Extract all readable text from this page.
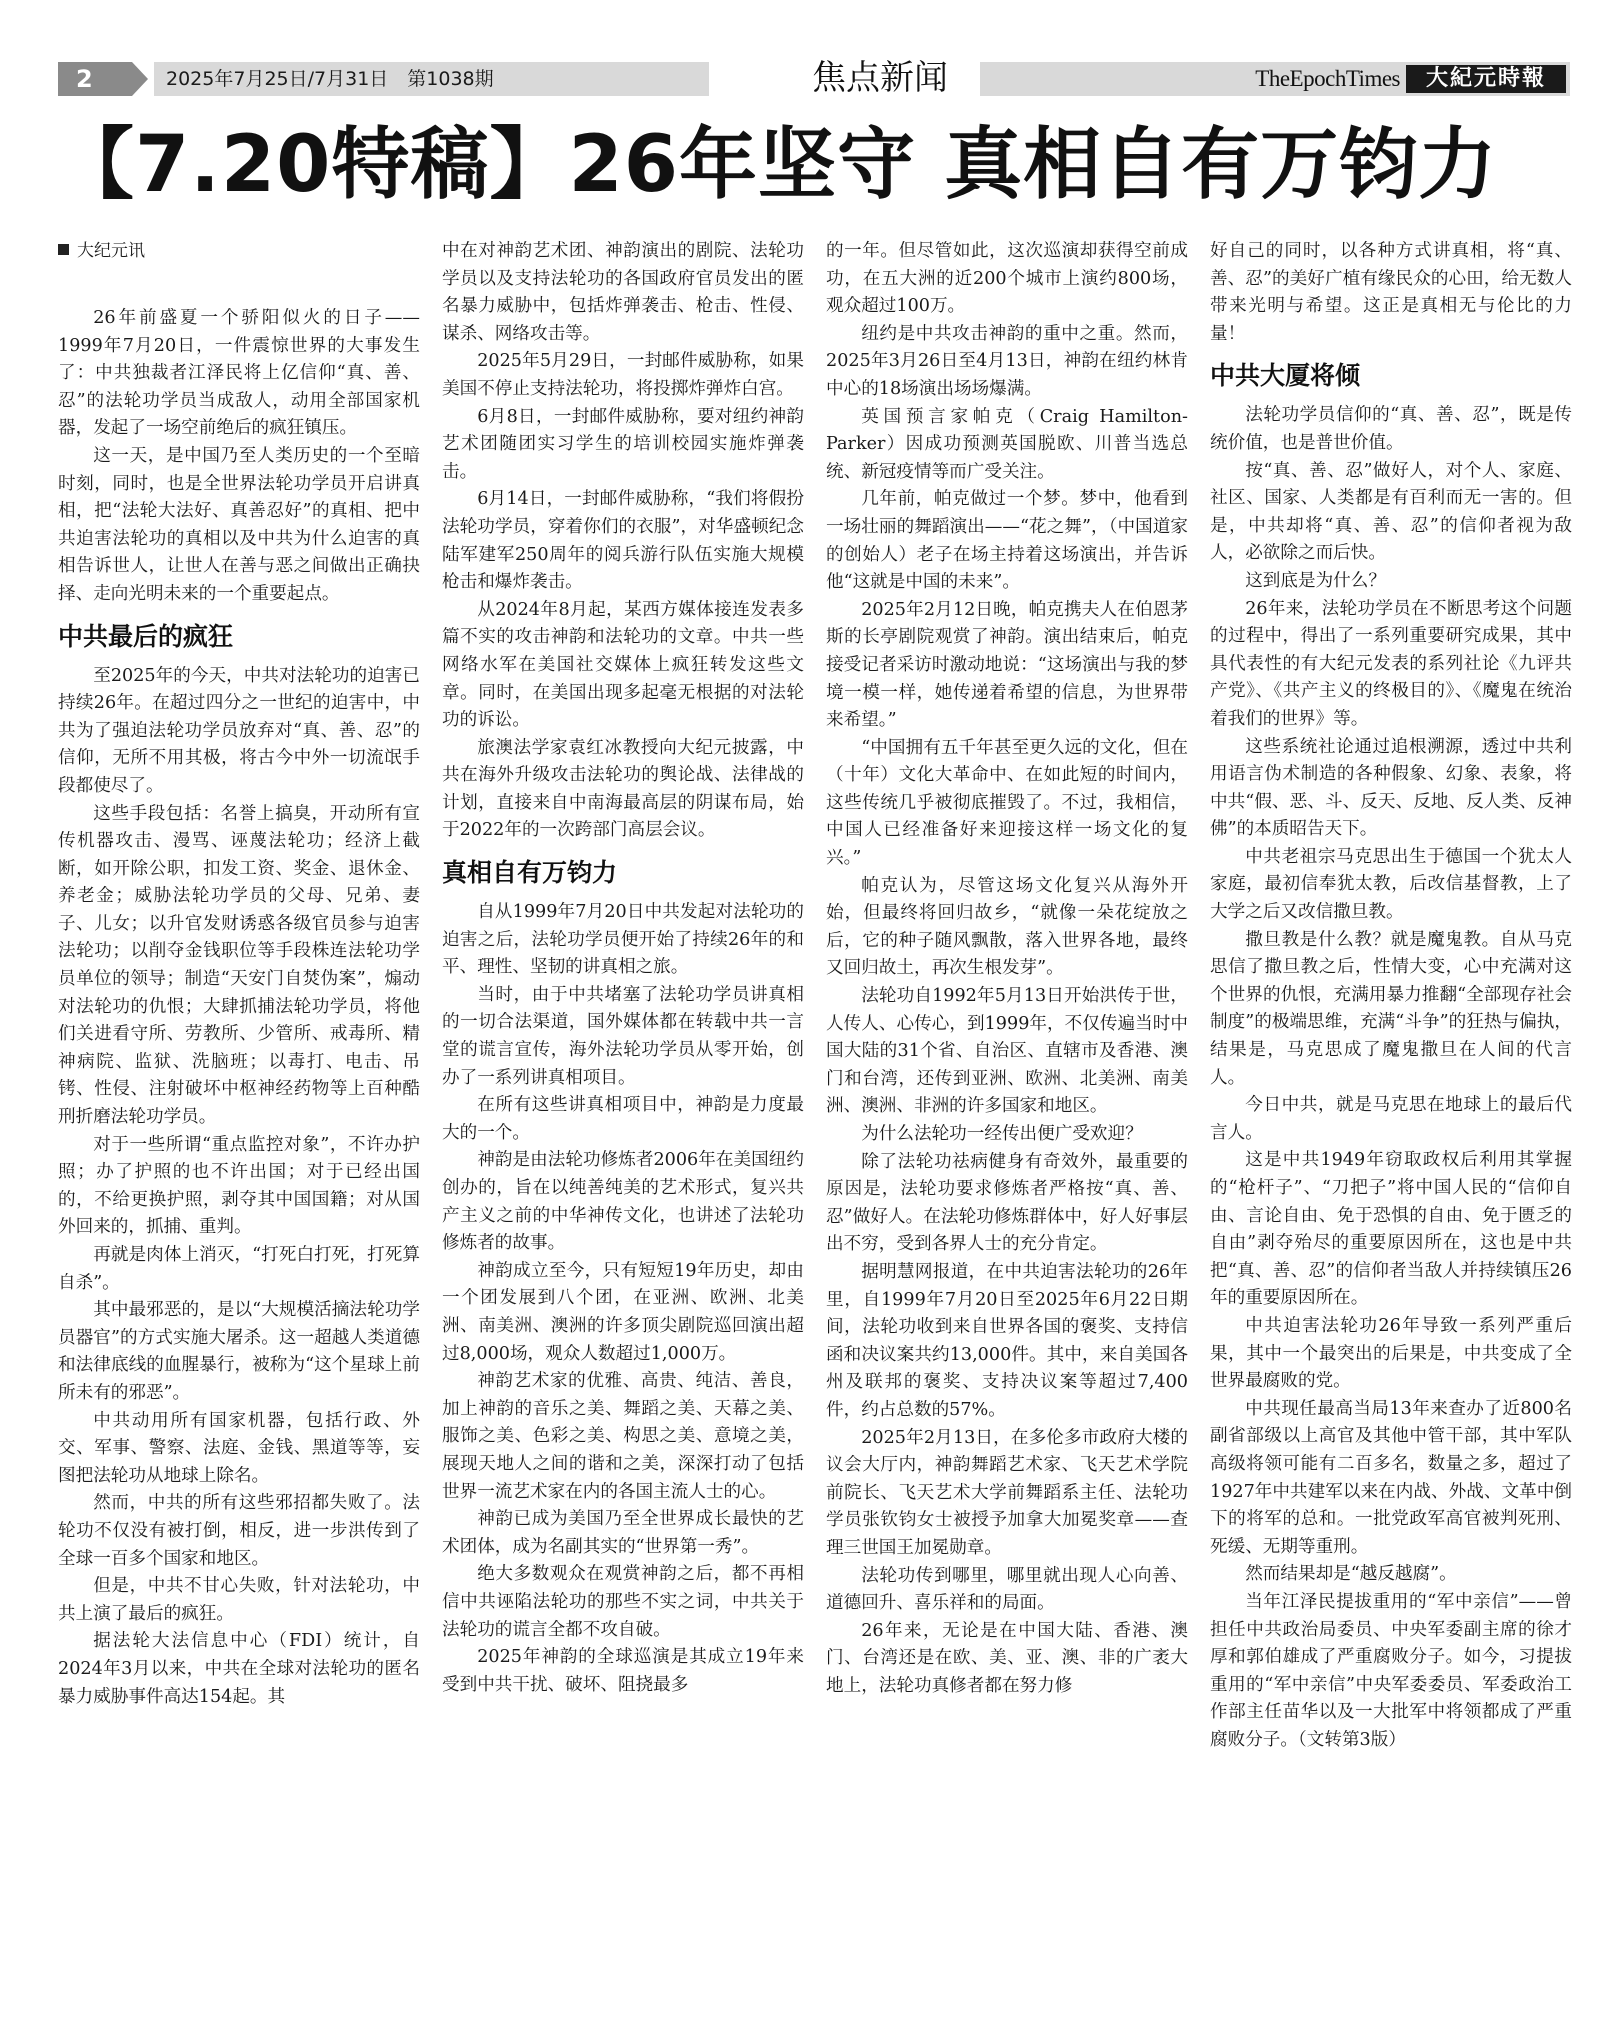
2	2025年7月25日/7月31日　第1038期	焦点新闻	TheEpochTimes	大紀元時報
【7.20特稿】26年坚守 真相自有万钧力
大纪元讯

26年前盛夏一个骄阳似火的日子——1999年7月20日，一件震惊世界的大事发生了：中共独裁者江泽民将上亿信仰“真、善、忍”的法轮功学员当成敌人，动用全部国家机器，发起了一场空前绝后的疯狂镇压。

这一天，是中国乃至人类历史的一个至暗时刻，同时，也是全世界法轮功学员开启讲真相，把“法轮大法好、真善忍好”的真相、把中共迫害法轮功的真相以及中共为什么迫害的真相告诉世人，让世人在善与恶之间做出正确抉择、走向光明未来的一个重要起点。

中共最后的疯狂

至2025年的今天，中共对法轮功的迫害已持续26年。在超过四分之一世纪的迫害中，中共为了强迫法轮功学员放弃对“真、善、忍”的信仰，无所不用其极，将古今中外一切流氓手段都使尽了。

这些手段包括：名誉上搞臭，开动所有宣传机器攻击、漫骂、诬蔑法轮功；经济上截断，如开除公职，扣发工资、奖金、退休金、养老金；威胁法轮功学员的父母、兄弟、妻子、儿女；以升官发财诱惑各级官员参与迫害法轮功；以削夺金钱职位等手段株连法轮功学员单位的领导；制造“天安门自焚伪案”，煽动对法轮功的仇恨；大肆抓捕法轮功学员，将他们关进看守所、劳教所、少管所、戒毒所、精神病院、监狱、洗脑班；以毒打、电击、吊铐、性侵、注射破坏中枢神经药物等上百种酷刑折磨法轮功学员。

对于一些所谓“重点监控对象”，不许办护照；办了护照的也不许出国；对于已经出国的，不给更换护照，剥夺其中国国籍；对从国外回来的，抓捕、重判。

再就是肉体上消灭，“打死白打死，打死算自杀”。

其中最邪恶的，是以“大规模活摘法轮功学员器官”的方式实施大屠杀。这一超越人类道德和法律底线的血腥暴行，被称为“这个星球上前所未有的邪恶”。

中共动用所有国家机器，包括行政、外交、军事、警察、法庭、金钱、黑道等等，妄图把法轮功从地球上除名。

然而，中共的所有这些邪招都失败了。法轮功不仅没有被打倒，相反，进一步洪传到了全球一百多个国家和地区。

但是，中共不甘心失败，针对法轮功，中共上演了最后的疯狂。

据法轮大法信息中心（FDI）统计，自2024年3月以来，中共在全球对法轮功的匿名暴力威胁事件高达154起。其

中在对神韵艺术团、神韵演出的剧院、法轮功学员以及支持法轮功的各国政府官员发出的匿名暴力威胁中，包括炸弹袭击、枪击、性侵、谋杀、网络攻击等。

2025年5月29日，一封邮件威胁称，如果美国不停止支持法轮功，将投掷炸弹炸白宫。

6月8日，一封邮件威胁称，要对纽约神韵艺术团随团实习学生的培训校园实施炸弹袭击。

6月14日，一封邮件威胁称，“我们将假扮法轮功学员，穿着你们的衣服”，对华盛顿纪念陆军建军250周年的阅兵游行队伍实施大规模枪击和爆炸袭击。

从2024年8月起，某西方媒体接连发表多篇不实的攻击神韵和法轮功的文章。中共一些网络水军在美国社交媒体上疯狂转发这些文章。同时，在美国出现多起毫无根据的对法轮功的诉讼。

旅澳法学家袁红冰教授向大纪元披露，中共在海外升级攻击法轮功的舆论战、法律战的计划，直接来自中南海最高层的阴谋布局，始于2022年的一次跨部门高层会议。

真相自有万钧力

自从1999年7月20日中共发起对法轮功的迫害之后，法轮功学员便开始了持续26年的和平、理性、坚韧的讲真相之旅。

当时，由于中共堵塞了法轮功学员讲真相的一切合法渠道，国外媒体都在转载中共一言堂的谎言宣传，海外法轮功学员从零开始，创办了一系列讲真相项目。

在所有这些讲真相项目中，神韵是力度最大的一个。

神韵是由法轮功修炼者2006年在美国纽约创办的，旨在以纯善纯美的艺术形式，复兴共产主义之前的中华神传文化，也讲述了法轮功修炼者的故事。

神韵成立至今，只有短短19年历史，却由一个团发展到八个团，在亚洲、欧洲、北美洲、南美洲、澳洲的许多顶尖剧院巡回演出超过8,000场，观众人数超过1,000万。

神韵艺术家的优雅、高贵、纯洁、善良，加上神韵的音乐之美、舞蹈之美、天幕之美、服饰之美、色彩之美、构思之美、意境之美，展现天地人之间的谐和之美，深深打动了包括世界一流艺术家在内的各国主流人士的心。

神韵已成为美国乃至全世界成长最快的艺术团体，成为名副其实的“世界第一秀”。

绝大多数观众在观赏神韵之后，都不再相信中共诬陷法轮功的那些不实之词，中共关于法轮功的谎言全都不攻自破。

2025年神韵的全球巡演是其成立19年来受到中共干扰、破坏、阻挠最多

的一年。但尽管如此，这次巡演却获得空前成功，在五大洲的近200个城市上演约800场，观众超过100万。

纽约是中共攻击神韵的重中之重。然而，2025年3月26日至4月13日，神韵在纽约林肯中心的18场演出场场爆满。

英国预言家帕克（Craig Hamilton-Parker）因成功预测英国脱欧、川普当选总统、新冠疫情等而广受关注。

几年前，帕克做过一个梦。梦中，他看到一场壮丽的舞蹈演出——“花之舞”，（中国道家的创始人）老子在场主持着这场演出，并告诉他“这就是中国的未来”。

2025年2月12日晚，帕克携夫人在伯恩茅斯的长亭剧院观赏了神韵。演出结束后，帕克接受记者采访时激动地说：“这场演出与我的梦境一模一样，她传递着希望的信息，为世界带来希望。”

“中国拥有五千年甚至更久远的文化，但在（十年）文化大革命中、在如此短的时间内，这些传统几乎被彻底摧毁了。不过，我相信，中国人已经准备好来迎接这样一场文化的复兴。”

帕克认为，尽管这场文化复兴从海外开始，但最终将回归故乡，“就像一朵花绽放之后，它的种子随风飘散，落入世界各地，最终又回归故土，再次生根发芽”。

法轮功自1992年5月13日开始洪传于世，人传人、心传心，到1999年，不仅传遍当时中国大陆的31个省、自治区、直辖市及香港、澳门和台湾，还传到亚洲、欧洲、北美洲、南美洲、澳洲、非洲的许多国家和地区。

为什么法轮功一经传出便广受欢迎？

除了法轮功祛病健身有奇效外，最重要的原因是，法轮功要求修炼者严格按“真、善、忍”做好人。在法轮功修炼群体中，好人好事层出不穷，受到各界人士的充分肯定。

据明慧网报道，在中共迫害法轮功的26年里，自1999年7月20日至2025年6月22日期间，法轮功收到来自世界各国的褒奖、支持信函和决议案共约13,000件。其中，来自美国各州及联邦的褒奖、支持决议案等超过7,400件，约占总数的57%。

2025年2月13日，在多伦多市政府大楼的议会大厅内，神韵舞蹈艺术家、飞天艺术学院前院长、飞天艺术大学前舞蹈系主任、法轮功学员张钦钧女士被授予加拿大加冕奖章——查理三世国王加冕勋章。

法轮功传到哪里，哪里就出现人心向善、道德回升、喜乐祥和的局面。

26年来，无论是在中国大陆、香港、澳门、台湾还是在欧、美、亚、澳、非的广袤大地上，法轮功真修者都在努力修

好自己的同时，以各种方式讲真相，将“真、善、忍”的美好广植有缘民众的心田，给无数人带来光明与希望。这正是真相无与伦比的力量！

中共大厦将倾

法轮功学员信仰的“真、善、忍”，既是传统价值，也是普世价值。

按“真、善、忍”做好人，对个人、家庭、社区、国家、人类都是有百利而无一害的。但是，中共却将“真、善、忍”的信仰者视为敌人，必欲除之而后快。

这到底是为什么？

26年来，法轮功学员在不断思考这个问题的过程中，得出了一系列重要研究成果，其中具代表性的有大纪元发表的系列社论《九评共产党》、《共产主义的终极目的》、《魔鬼在统治着我们的世界》等。

这些系统社论通过追根溯源，透过中共利用语言伪术制造的各种假象、幻象、表象，将中共“假、恶、斗、反天、反地、反人类、反神佛”的本质昭告天下。

中共老祖宗马克思出生于德国一个犹太人家庭，最初信奉犹太教，后改信基督教，上了大学之后又改信撒旦教。

撒旦教是什么教？就是魔鬼教。自从马克思信了撒旦教之后，性情大变，心中充满对这个世界的仇恨，充满用暴力推翻“全部现存社会制度”的极端思维，充满“斗争”的狂热与偏执，结果是，马克思成了魔鬼撒旦在人间的代言人。

今日中共，就是马克思在地球上的最后代言人。

这是中共1949年窃取政权后利用其掌握的“枪杆子”、“刀把子”将中国人民的“信仰自由、言论自由、免于恐惧的自由、免于匮乏的自由”剥夺殆尽的重要原因所在，这也是中共把“真、善、忍”的信仰者当敌人并持续镇压26年的重要原因所在。

中共迫害法轮功26年导致一系列严重后果，其中一个最突出的后果是，中共变成了全世界最腐败的党。

中共现任最高当局13年来查办了近800名副省部级以上高官及其他中管干部，其中军队高级将领可能有二百多名，数量之多，超过了1927年中共建军以来在内战、外战、文革中倒下的将军的总和。一批党政军高官被判死刑、死缓、无期等重刑。

然而结果却是“越反越腐”。

当年江泽民提拔重用的“军中亲信”——曾担任中共政治局委员、中央军委副主席的徐才厚和郭伯雄成了严重腐败分子。如今，习提拔重用的“军中亲信”中央军委委员、军委政治工作部主任苗华以及一大批军中将领都成了严重腐败分子。（文转第3版）
